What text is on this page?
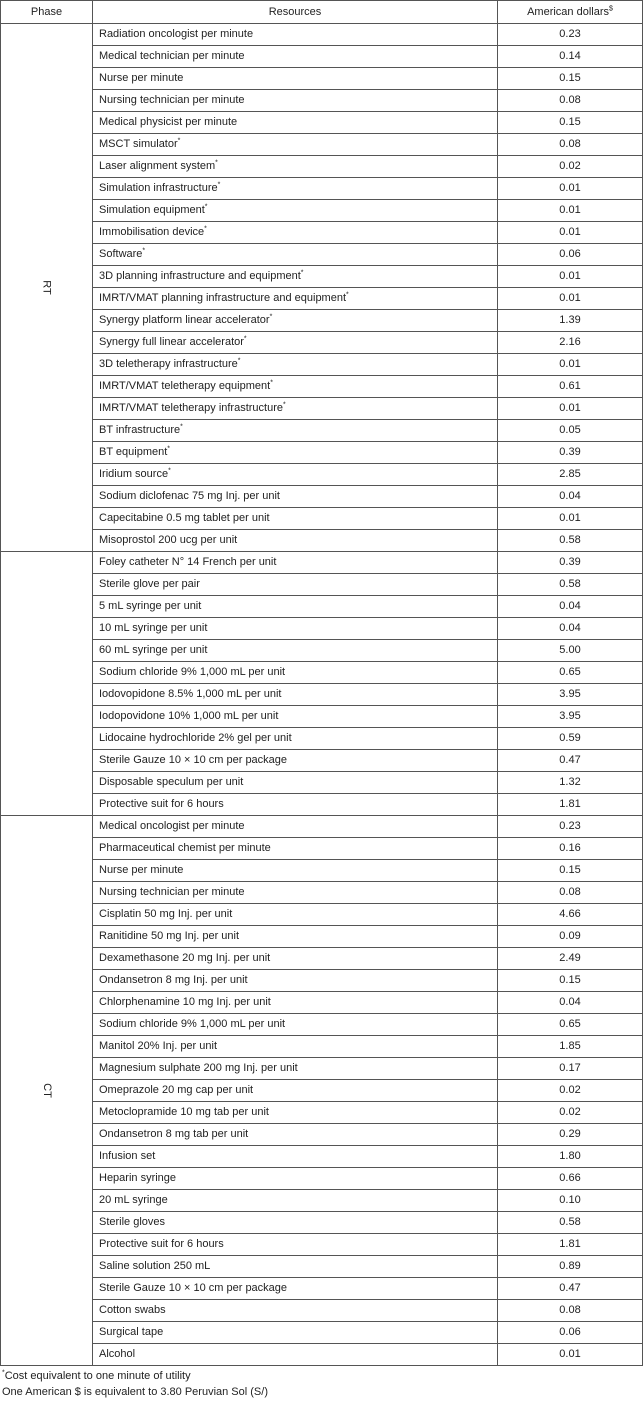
Phase	Resources	American dollars$
RT	Radiation oncologist per minute	0.23
	Medical technician per minute	0.14
	Nurse per minute	0.15
	Nursing technician per minute	0.08
	Medical physicist per minute	0.15
	MSCT simulator*	0.08
	Laser alignment system*	0.02
	Simulation infrastructure*	0.01
	Simulation equipment*	0.01
	Immobilisation device*	0.01
	Software*	0.06
	3D planning infrastructure and equipment*	0.01
	IMRT/VMAT planning infrastructure and equipment*	0.01
	Synergy platform linear accelerator*	1.39
	Synergy full linear accelerator*	2.16
	3D teletherapy infrastructure*	0.01
	IMRT/VMAT teletherapy equipment*	0.61
	IMRT/VMAT teletherapy infrastructure*	0.01
	BT infrastructure*	0.05
	BT equipment*	0.39
	Iridium source*	2.85
	Sodium diclofenac 75 mg Inj. per unit	0.04
	Capecitabine 0.5 mg tablet per unit	0.01
	Misoprostol 200 ucg per unit	0.58
	Foley catheter N° 14 French per unit	0.39
	Sterile glove per pair	0.58
	5 mL syringe per unit	0.04
	10 mL syringe per unit	0.04
	60 mL syringe per unit	5.00
	Sodium chloride 9% 1,000 mL per unit	0.65
	Iodovopidone 8.5% 1,000 mL per unit	3.95
	Iodopovidone 10% 1,000 mL per unit	3.95
	Lidocaine hydrochloride 2% gel per unit	0.59
	Sterile Gauze 10 × 10 cm per package	0.47
	Disposable speculum per unit	1.32
	Protective suit for 6 hours	1.81
CT	Medical oncologist per minute	0.23
	Pharmaceutical chemist per minute	0.16
	Nurse per minute	0.15
	Nursing technician per minute	0.08
	Cisplatin 50 mg Inj. per unit	4.66
	Ranitidine 50 mg Inj. per unit	0.09
	Dexamethasone 20 mg Inj. per unit	2.49
	Ondansetron 8 mg Inj. per unit	0.15
	Chlorphenamine 10 mg Inj. per unit	0.04
	Sodium chloride 9% 1,000 mL per unit	0.65
	Manitol 20% Inj. per unit	1.85
	Magnesium sulphate 200 mg Inj. per unit	0.17
	Omeprazole 20 mg cap per unit	0.02
	Metoclopramide 10 mg tab per unit	0.02
	Ondansetron 8 mg tab per unit	0.29
	Infusion set	1.80
	Heparin syringe	0.66
	20 mL syringe	0.10
	Sterile gloves	0.58
	Protective suit for 6 hours	1.81
	Saline solution 250 mL	0.89
	Sterile Gauze 10 × 10 cm per package	0.47
	Cotton swabs	0.08
	Surgical tape	0.06
	Alcohol	0.01
*Cost equivalent to one minute of utility
One American $ is equivalent to 3.80 Peruvian Sol (S/)
